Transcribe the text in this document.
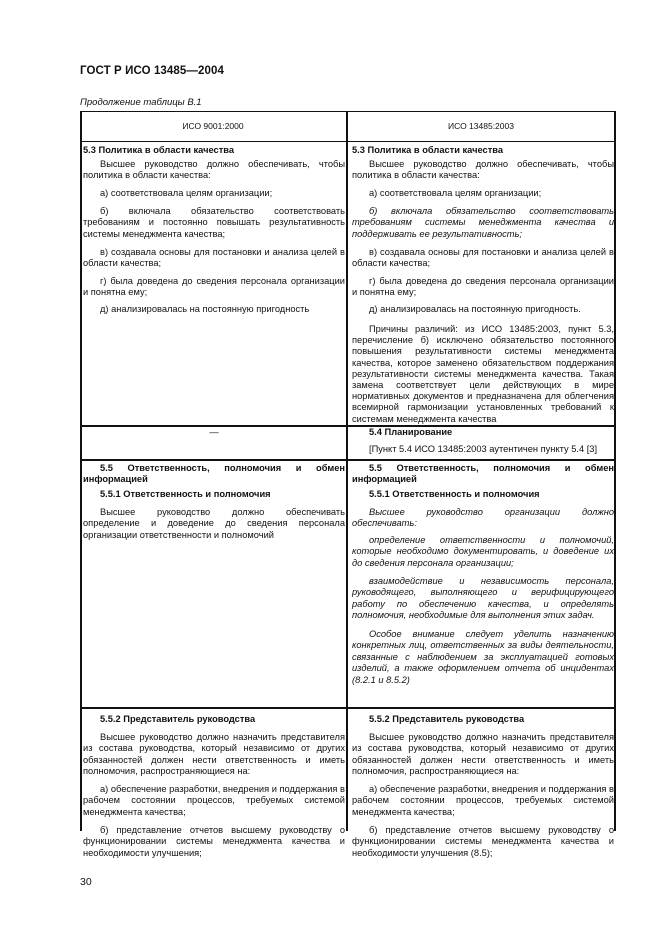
ГОСТ Р ИСО 13485—2004
Продолжение таблицы В.1
ИСО 9001:2000	ИСО 13485:2003

5.3 Политика в области качества

Высшее руководство должно обеспечивать, чтобы политика в области качества:

а) соответствовала целям организации;

б) включала обязательство соответствовать требованиям и постоянно повышать результативность системы менеджмента качества;

в) создавала основы для постановки и анализа целей в области качества;

г) была доведена до сведения персонала организации и понятна ему;

д) анализировалась на постоянную пригодность

—

5.5 Ответственность, полномочия и обмен информацией

5.5.1 Ответственность и полномочия

Высшее руководство должно обеспечивать определение и доведение до сведения персонала организации ответственности и полномочий

5.5.2 Представитель руководства

Высшее руководство должно назначить представителя из состава руководства, который независимо от других обязанностей должен нести ответственность и иметь полномочия, распространяющиеся на:

а) обеспечение разработки, внедрения и поддержания в рабочем состоянии процессов, требуемых системой менеджмента качества;

б) представление отчетов высшему руководству о функционировании системы менеджмента качества и необходимости улучшения;

5.3 Политика в области качества

Высшее руководство должно обеспечивать, чтобы политика в области качества:

а) соответствовала целям организации;

б) включала обязательство соответствовать требованиям системы менеджмента качества и поддерживать ее результативность;

в) создавала основы для постановки и анализа целей в области качества;

г) была доведена до сведения персонала организации и понятна ему;

д) анализировалась на постоянную пригодность.

Причины различий: из ИСО 13485:2003, пункт 5.3, перечисление б) исключено обязательство постоянного повышения результативности системы менеджмента качества, которое заменено обязательством поддержания результативности системы менеджмента качества. Такая замена соответствует цели действующих в мире нормативных документов и предназначена для облегчения всемирной гармонизации установленных требований к системам менеджмента качества

5.4 Планирование

[Пункт 5.4 ИСО 13485:2003 аутентичен пункту 5.4 [3]

5.5 Ответственность, полномочия и обмен информацией

5.5.1 Ответственность и полномочия

Высшее руководство организации должно обеспечивать:

определение ответственности и полномочий, которые необходимо документировать, и доведение их до сведения персонала организации;

взаимодействие и независимость персонала, руководящего, выполняющего и верифицирующего работу по обеспечению качества, и определять полномочия, необходимые для выполнения этих задач.

Особое внимание следует уделить назначению конкретных лиц, ответственных за виды деятельности, связанные с наблюдением за эксплуатацией готовых изделий, а также оформлением отчета об инцидентах (8.2.1 и 8.5.2)

5.5.2 Представитель руководства

Высшее руководство должно назначить представителя из состава руководства, который независимо от других обязанностей должен нести ответственность и иметь полномочия, распространяющиеся на:

а) обеспечение разработки, внедрения и поддержания в рабочем состоянии процессов, требуемых системой менеджмента качества;

б) представление отчетов высшему руководству о функционировании системы менеджмента качества и необходимости улучшения (8.5);

30
